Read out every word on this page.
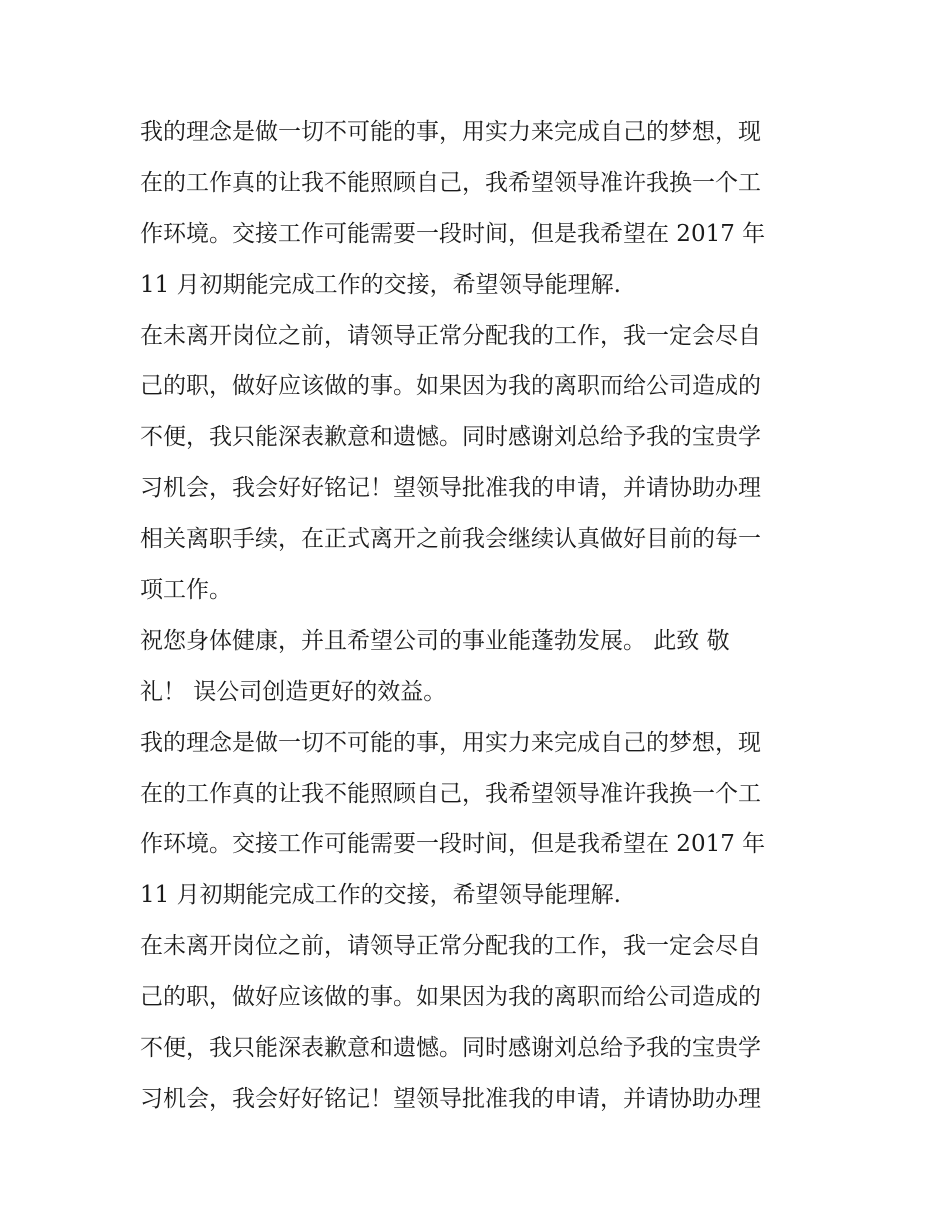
我的理念是做一切不可能的事，用实力来完成自己的梦想，现
在的工作真的让我不能照顾自己，我希望领导准许我换一个工
作环境。交接工作可能需要一段时间，但是我希望在 2017 年
11 月初期能完成工作的交接，希望领导能理解.
在未离开岗位之前，请领导正常分配我的工作，我一定会尽自
己的职，做好应该做的事。如果因为我的离职而给公司造成的
不便，我只能深表歉意和遗憾。同时感谢刘总给予我的宝贵学
习机会，我会好好铭记！望领导批准我的申请，并请协助办理
相关离职手续，在正式离开之前我会继续认真做好目前的每一
项工作。
祝您身体健康，并且希望公司的事业能蓬勃发展。 此致 敬
礼！ 误公司创造更好的效益。
我的理念是做一切不可能的事，用实力来完成自己的梦想，现
在的工作真的让我不能照顾自己，我希望领导准许我换一个工
作环境。交接工作可能需要一段时间，但是我希望在 2017 年
11 月初期能完成工作的交接，希望领导能理解.
在未离开岗位之前，请领导正常分配我的工作，我一定会尽自
己的职，做好应该做的事。如果因为我的离职而给公司造成的
不便，我只能深表歉意和遗憾。同时感谢刘总给予我的宝贵学
习机会，我会好好铭记！望领导批准我的申请，并请协助办理
